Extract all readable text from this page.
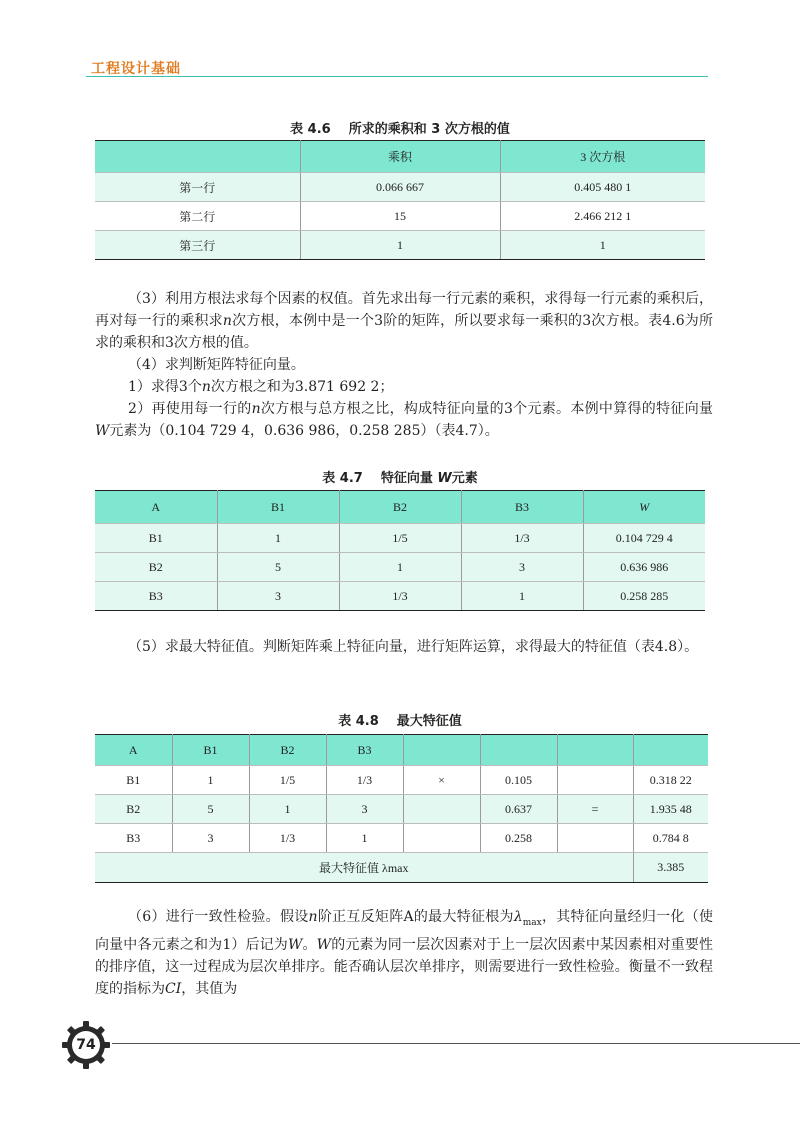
工程设计基础
表 4.6 所求的乘积和 3 次方根的值
	乘积	3 次方根
第一行	0.066 667	0.405 480 1
第二行	15	2.466 212 1
第三行	1	1

（3）利用方根法求每个因素的权值。首先求出每一行元素的乘积，求得每一行元素的乘积后，再对每一行的乘积求n次方根，本例中是一个3阶的矩阵，所以要求每一乘积的3次方根。表4.6为所求的乘积和3次方根的值。

（4）求判断矩阵特征向量。

1）求得3个n次方根之和为3.871 692 2；

2）再使用每一行的n次方根与总方根之比，构成特征向量的3个元素。本例中算得的特征向量W元素为（0.104 729 4，0.636 986，0.258 285）（表4.7）。

表 4.7 特征向量 W元素
A	B1	B2	B3	W
B1	1	1/5	1/3	0.104 729 4
B2	5	1	3	0.636 986
B3	3	1/3	1	0.258 285

（5）求最大特征值。判断矩阵乘上特征向量，进行矩阵运算，求得最大的特征值（表4.8）。

表 4.8 最大特征值
A	B1	B2	B3				
B1	1	1/5	1/3	×	0.105		0.318 22
B2	5	1	3		0.637	=	1.935 48
B3	3	1/3	1		0.258		0.784 8
最大特征值 λmax							3.385

（6）进行一致性检验。假设n阶正互反矩阵A的最大特征根为$\lambda_{max}$，其特征向量经归一化（使向量中各元素之和为1）后记为W。W的元素为同一层次因素对于上一层次因素中某因素相对重要性的排序值，这一过程成为层次单排序。能否确认层次单排序，则需要进行一致性检验。衡量不一致程度的指标为CI，其值为

74
